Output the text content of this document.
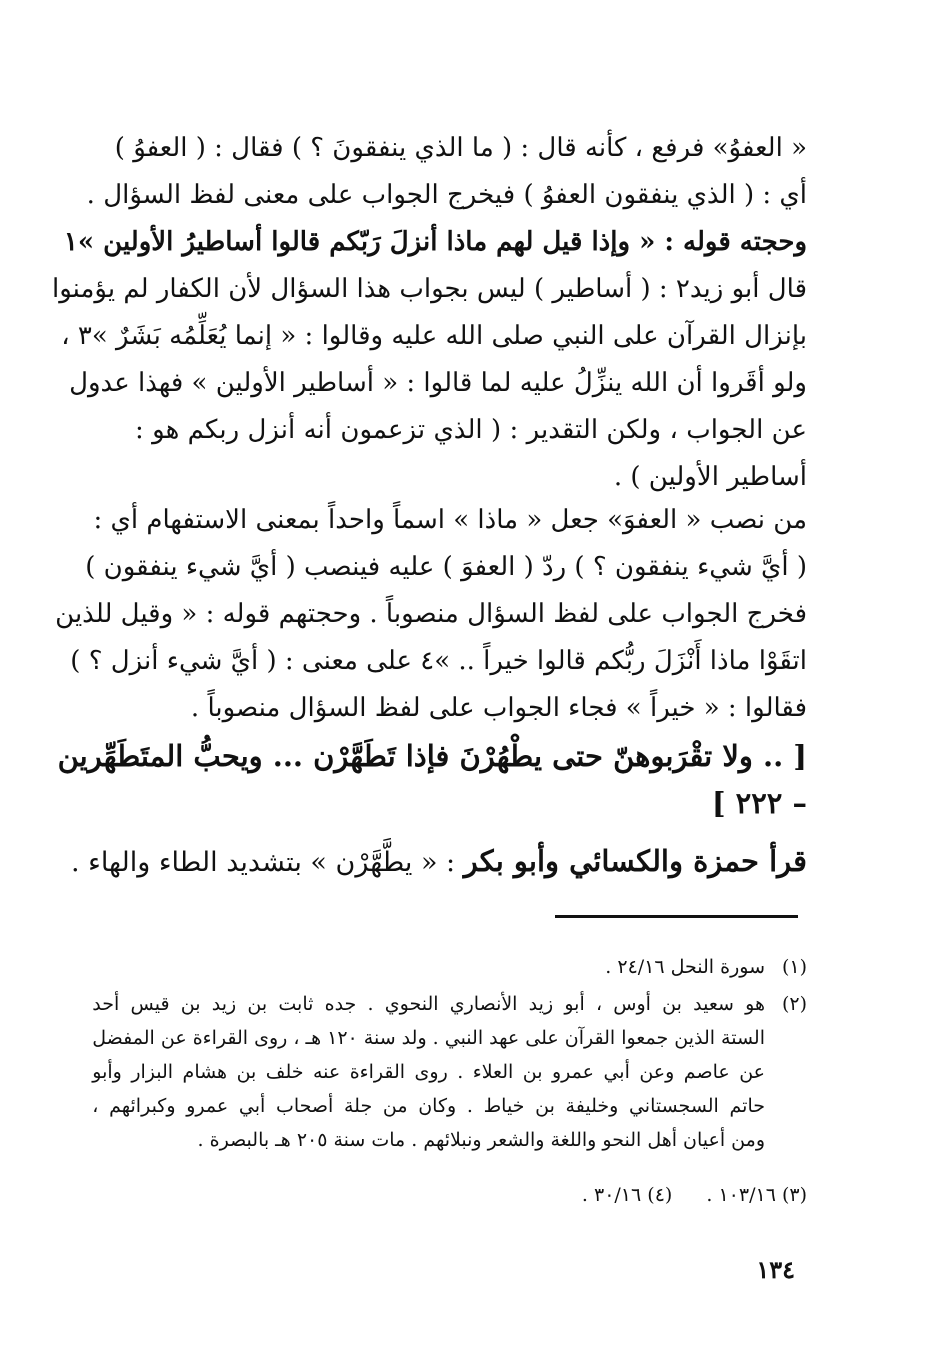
« العفوُ» فرفع ، كأنه قال : ( ما الذي ينفقونَ ؟ ) فقال : ( العفوُ )
أي : ( الذي ينفقون العفوُ ) فيخرج الجواب على معنى لفظ السؤال .
وحجته قوله : « وإذا قيل لهم ماذا أنزلَ رَبّكم قالوا أساطيرُ الأولين »١
قال أبو زيد٢ : ( أساطير ) ليس بجواب هذا السؤال لأن الكفار لم يؤمنوا
بإنزال القرآن على النبي صلى الله عليه وقالوا : « إنما يُعَلِّمُه بَشَرٌ »٣ ،
ولو أقَروا أن الله ينزِّلُ عليه لما قالوا : « أساطير الأولين » فهذا عدول
عن الجواب ، ولكن التقدير : ( الذي تزعمون أنه أنزل ربكم هو :
أساطير الأولين ) .
من نصب « العفوَ» جعل « ماذا » اسماً واحداً بمعنى الاستفهام أي :
( أيَّ شيء ينفقون ؟ ) ردّ ( العفوَ ) عليه فينصب ( أيَّ شيء ينفقون )
فخرج الجواب على لفظ السؤال منصوباً . وحجتهم قوله : « وقيل للذين
اتقَوْا ماذا أَنْزَلَ ربُّكم قالوا خيراً .. »٤ على معنى : ( أيَّ شيء أنزل ؟ )
فقالوا : « خيراً » فجاء الجواب على لفظ السؤال منصوباً .
[ .. ولا تقْرَبوهنّ حتى يطْهُرْنَ فإذا تَطَهَّرْن ... ويحبُّ المتَطَهِّرين
– ٢٢٢ ]
قرأ حمزة والكسائي وأبو بكر : « يطَّهَّرْن » بتشديد الطاء والهاء .
(١)
سورة النحل ٢٤/١٦ .
(٢)
هو سعيد بن أوس ، أبو زيد الأنصاري النحوي . جده ثابت بن زيد بن قيس أحد
الستة الذين جمعوا القرآن على عهد النبي . ولد سنة ١٢٠ هـ ، روى القراءة عن المفضل
عن عاصم وعن أبي عمرو بن العلاء . روى القراءة عنه خلف بن هشام البزار وأبو
حاتم السجستاني وخليفة بن خياط . وكان من جلة أصحاب أبي عمرو وكبرائهم ،
ومن أعيان أهل النحو واللغة والشعر ونبلائهم . مات سنة ٢٠٥ هـ بالبصرة .
(٣) ١٠٣/١٦ . (٤) ٣٠/١٦ .
١٣٤
